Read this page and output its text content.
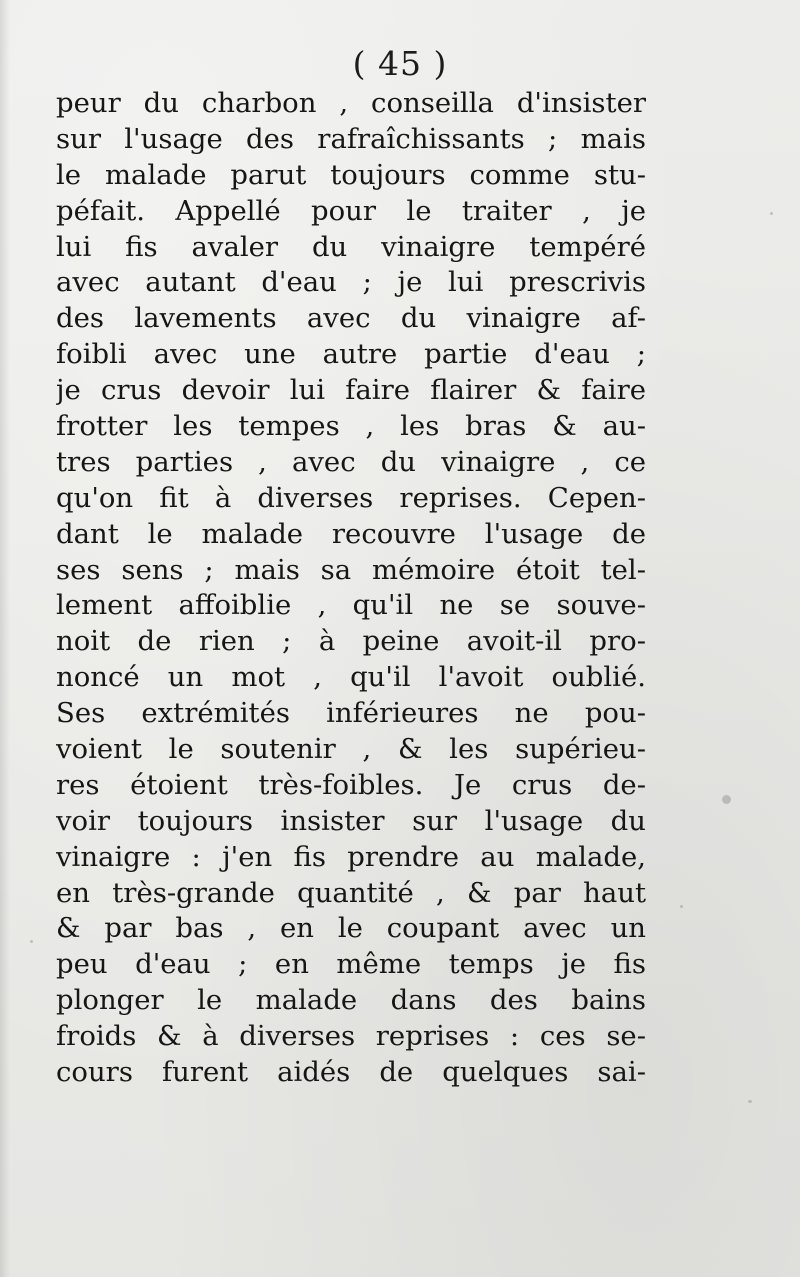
( 45 )
peur du charbon , conseilla d'insister
sur l'usage des rafraîchissants ; mais
le malade parut toujours comme stu-
péfait. Appellé pour le traiter , je
lui fis avaler du vinaigre tempéré
avec autant d'eau ; je lui prescrivis
des lavements avec du vinaigre af-
foibli avec une autre partie d'eau ;
je crus devoir lui faire flairer & faire
frotter les tempes , les bras & au-
tres parties , avec du vinaigre , ce
qu'on fit à diverses reprises. Cepen-
dant le malade recouvre l'usage de
ses sens ; mais sa mémoire étoit tel-
lement affoiblie , qu'il ne se souve-
noit de rien ; à peine avoit-il pro-
noncé un mot , qu'il l'avoit oublié.
Ses extrémités inférieures ne pou-
voient le soutenir , & les supérieu-
res étoient très-foibles. Je crus de-
voir toujours insister sur l'usage du
vinaigre : j'en fis prendre au malade,
en très-grande quantité , & par haut
& par bas , en le coupant avec un
peu d'eau ; en même temps je fis
plonger le malade dans des bains
froids & à diverses reprises : ces se-
cours furent aidés de quelques sai-
